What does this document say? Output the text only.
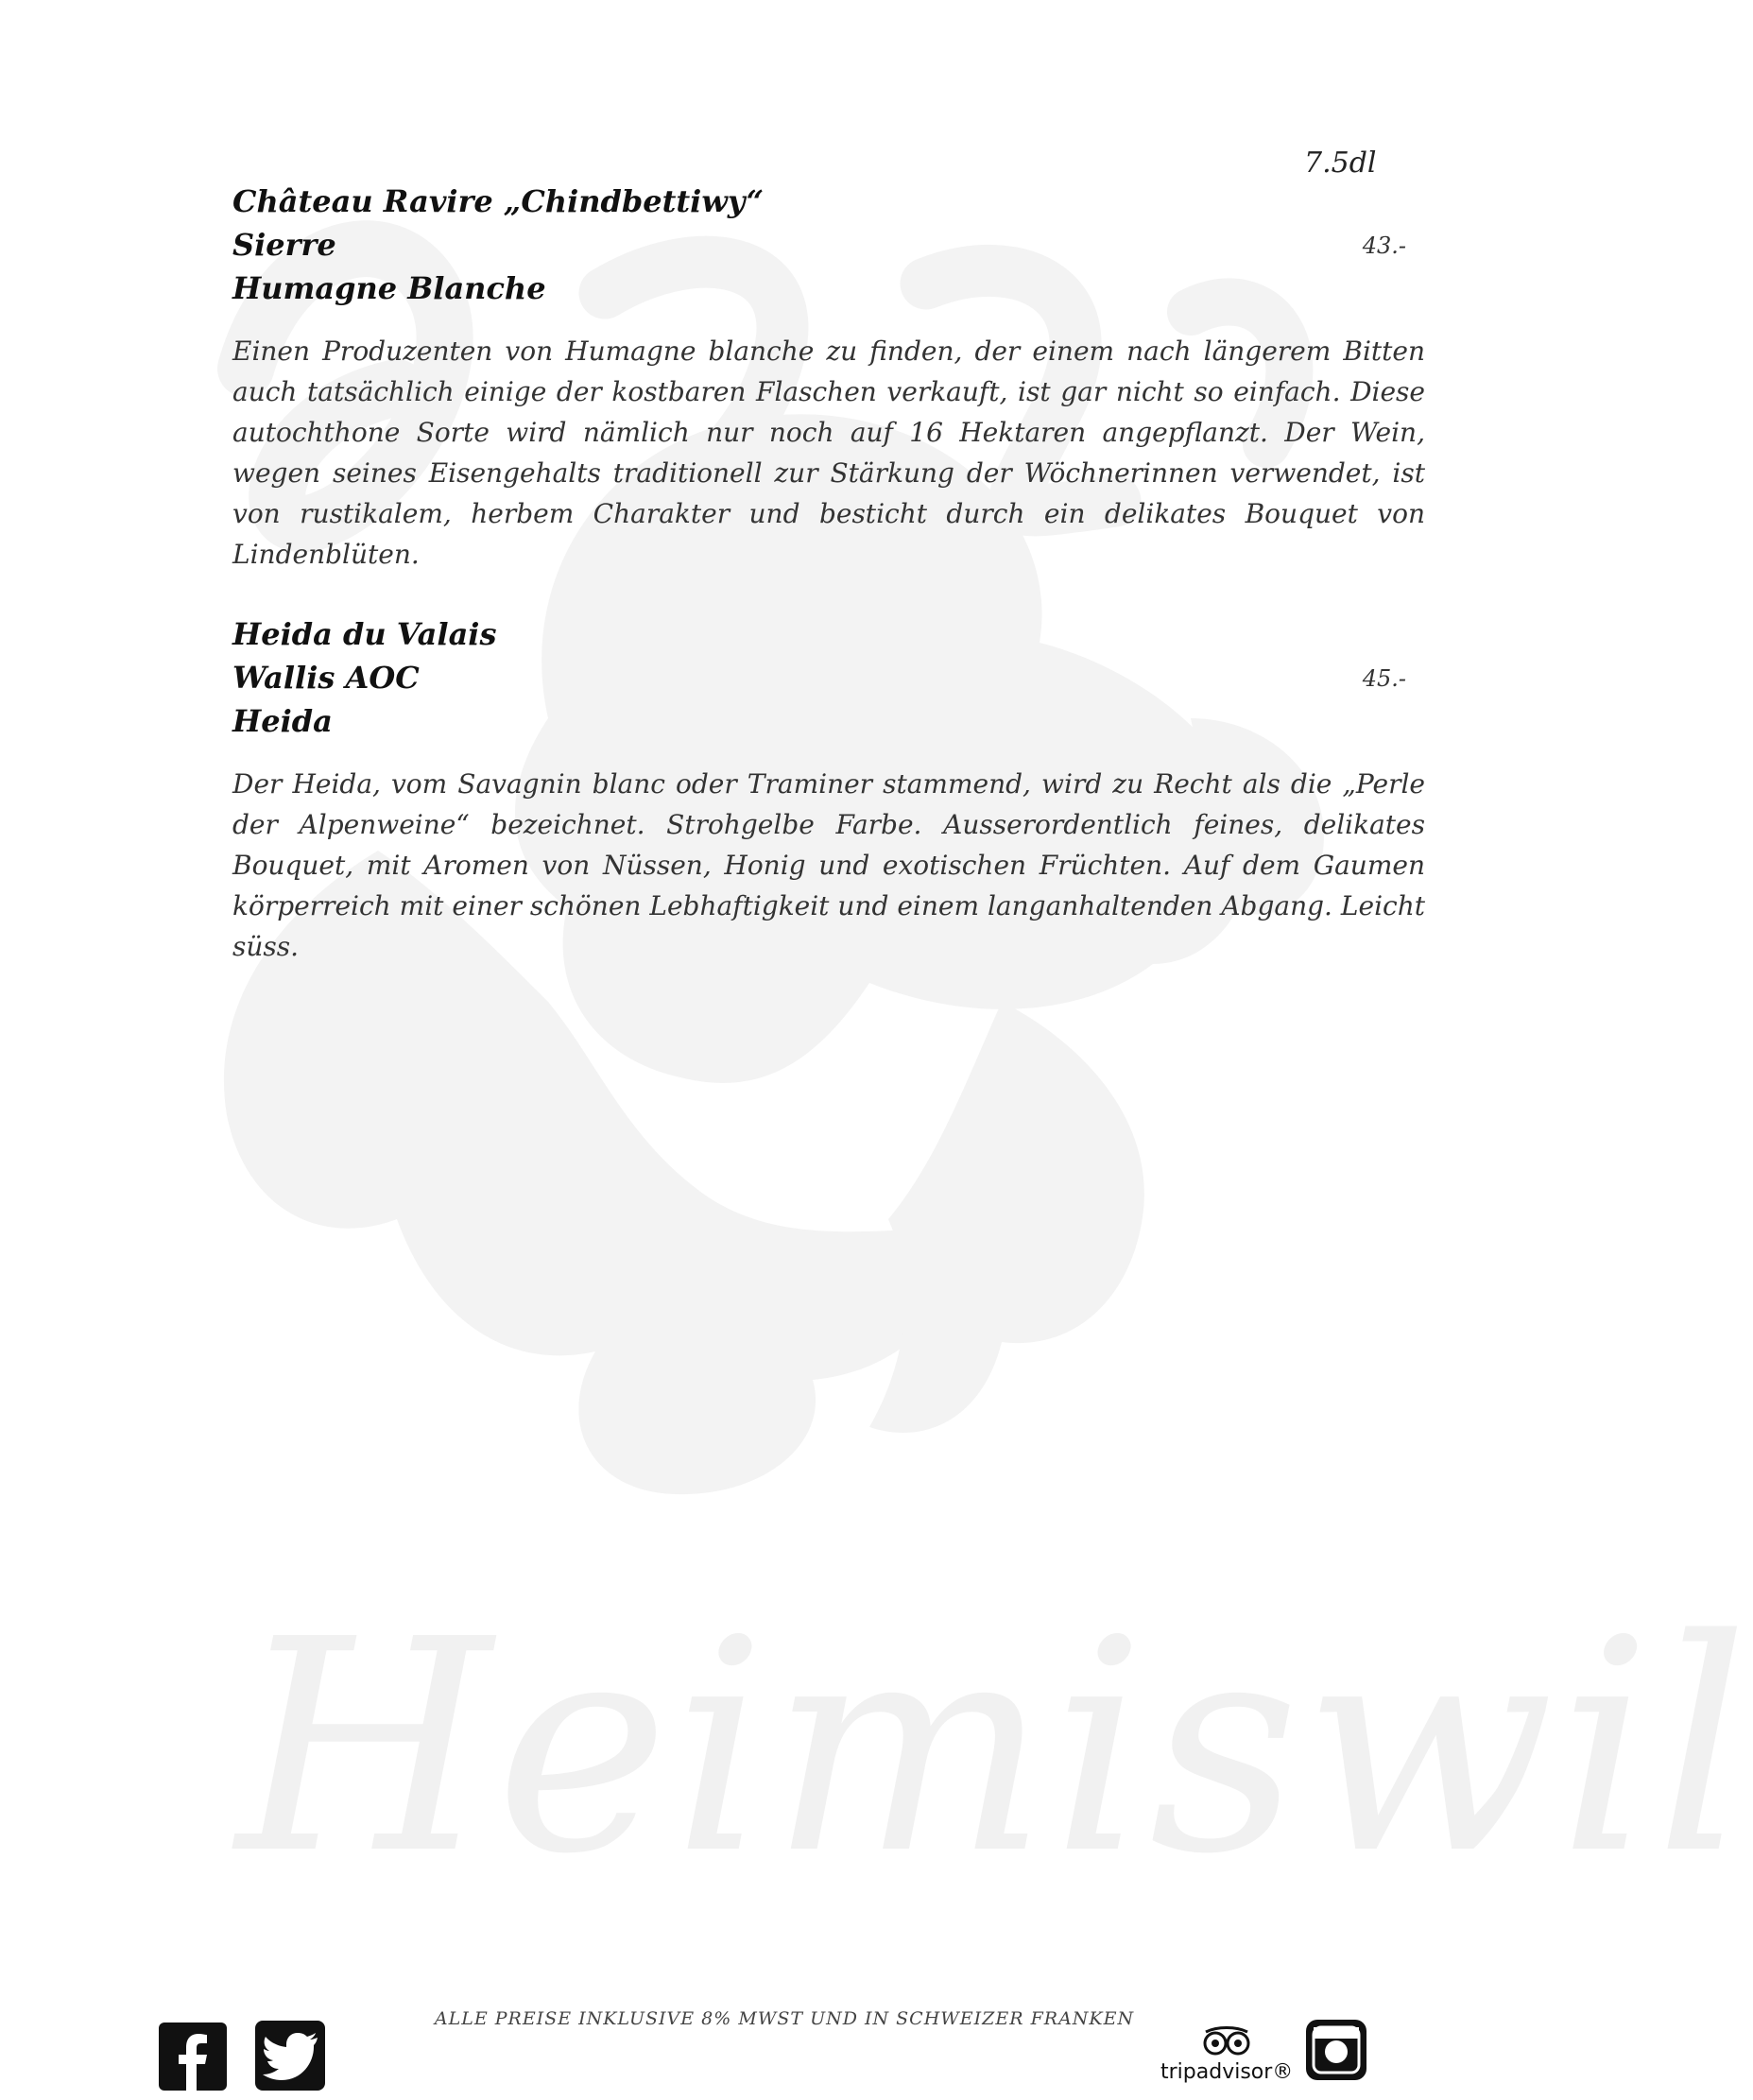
Heimiswil
7.5dl

Château Ravire „Chindbettiwy“

Sierre	43.-

Humagne Blanche

Einen Produzenten von Humagne blanche zu finden, der einem nach längerem Bitten auch tatsächlich einige der kostbaren Flaschen verkauft, ist gar nicht so einfach. Diese autochthone Sorte wird nämlich nur noch auf 16 Hektaren angepflanzt. Der Wein, wegen seines Eisengehalts traditionell zur Stärkung der Wöchnerinnen verwendet, ist von rustikalem, herbem Charakter und besticht durch ein delikates Bouquet von Lindenblüten.

Heida du Valais

Wallis AOC	45.-

Heida

Der Heida, vom Savagnin blanc oder Traminer stammend, wird zu Recht als die „Perle der Alpenweine“ bezeichnet. Strohgelbe Farbe. Ausserordentlich feines, delikates Bouquet, mit Aromen von Nüssen, Honig und exotischen Früchten. Auf dem Gaumen körperreich mit einer schönen Lebhaftigkeit und einem langanhaltenden Abgang. Leicht süss.
ALLE PREISE INKLUSIVE 8% MWST UND IN SCHWEIZER FRANKEN
tripadvisor®
